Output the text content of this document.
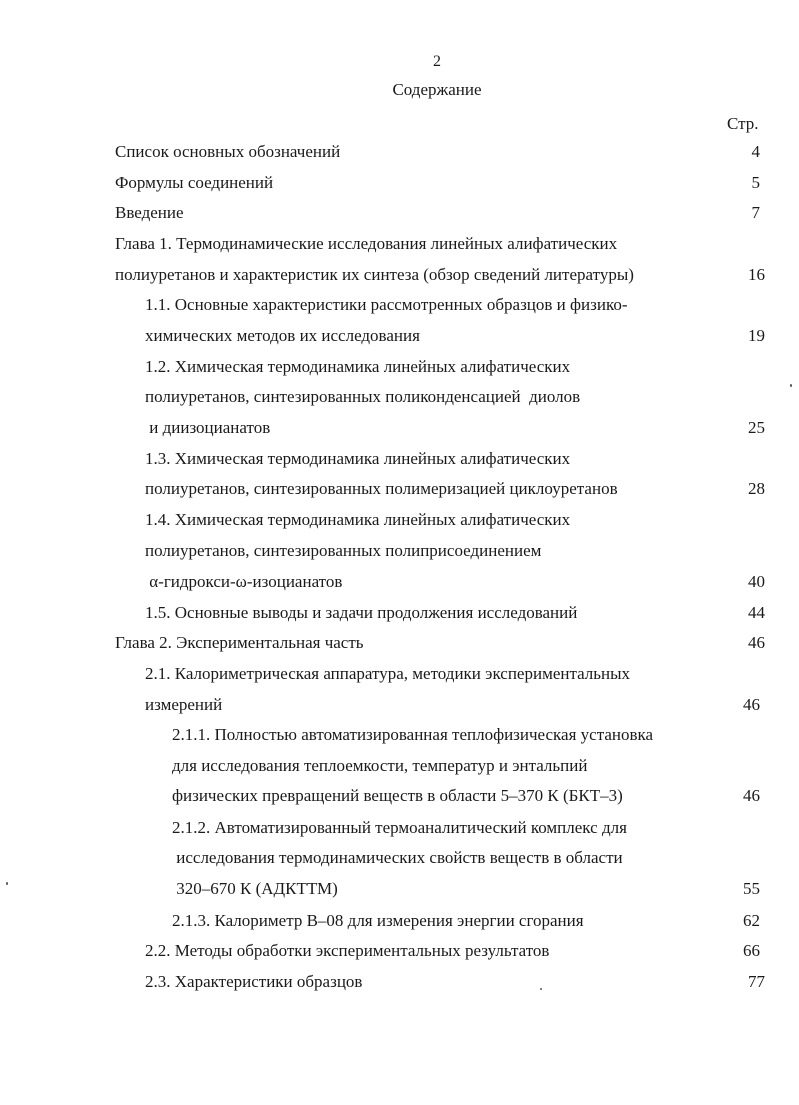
2
Содержание
Стр.
Список основных обозначений	4
Формулы соединений	5
Введение	7
Глава 1. Термодинамические исследования линейных алифатических
полиуретанов и характеристик их синтеза (обзор сведений литературы)	16
1.1. Основные характеристики рассмотренных образцов и физико-
химических методов их исследования	19
1.2. Химическая термодинамика линейных алифатических
полиуретанов, синтезированных поликонденсацией  диолов
и диизоцианатов	25
1.3. Химическая термодинамика линейных алифатических
полиуретанов, синтезированных полимеризацией циклоуретанов	28
1.4. Химическая термодинамика линейных алифатических
полиуретанов, синтезированных полиприсоединением
α-гидрокси-ω-изоцианатов	40
1.5. Основные выводы и задачи продолжения исследований	44
Глава 2. Экспериментальная часть	46
2.1. Калориметрическая аппаратура, методики экспериментальных
измерений	46
2.1.1. Полностью автоматизированная теплофизическая установка
для исследования теплоемкости, температур и энтальпий
физических превращений веществ в области 5–370 К (БКТ–3)	46
2.1.2. Автоматизированный термоаналитический комплекс для
исследования термодинамических свойств веществ в области
320–670 К (АДКТТМ)	55
2.1.3. Калориметр В–08 для измерения энергии сгорания	62
2.2. Методы обработки экспериментальных результатов	66
2.3. Характеристики образцов	77
